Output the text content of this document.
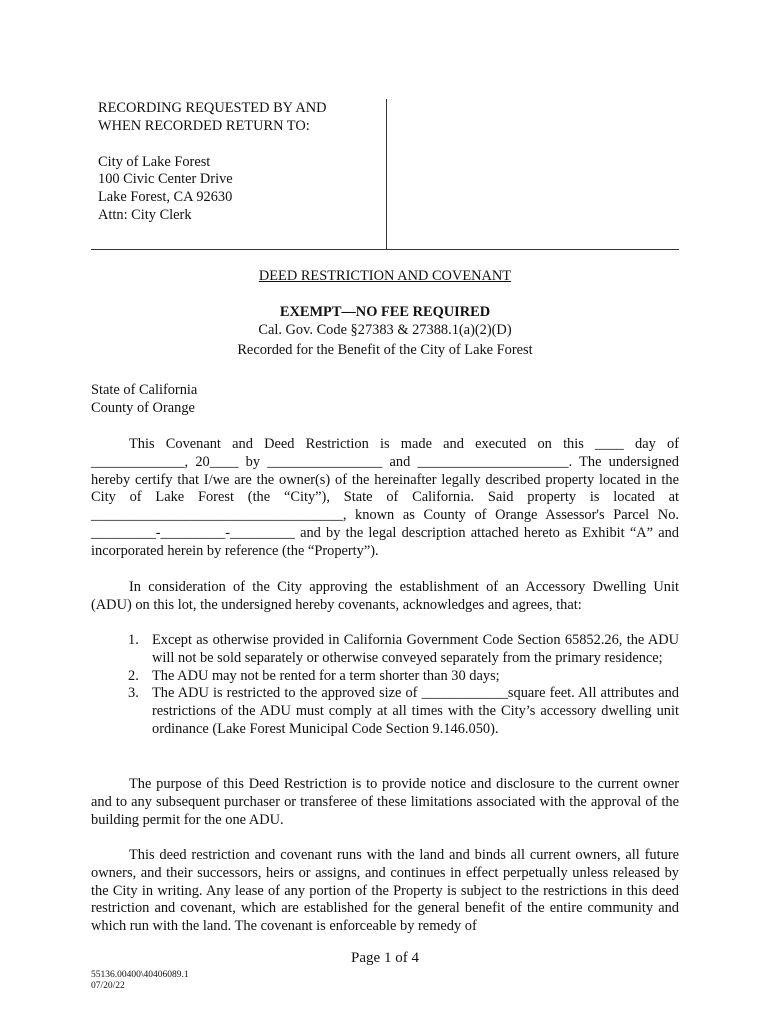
RECORDING REQUESTED BY AND

WHEN RECORDED RETURN TO:

City of Lake Forest

100 Civic Center Drive

Lake Forest, CA 92630

Attn: City Clerk

DEED RESTRICTION AND COVENANT
EXEMPT—NO FEE REQUIRED
Cal. Gov. Code §27383 & 27388.1(a)(2)(D)
Recorded for the Benefit of the City of Lake Forest

State of California

County of Orange

This Covenant and Deed Restriction is made and executed on this ____ day of _____________, 20____ by ________________ and _____________________. The undersigned hereby certify that I/we are the owner(s) of the hereinafter legally described property located in the City of Lake Forest (the “City”), State of California. Said property is located at ___________________________________, known as County of Orange Assessor's Parcel No. _________-_________-_________ and by the legal description attached hereto as Exhibit “A” and incorporated herein by reference (the “Property”).

In consideration of the City approving the establishment of an Accessory Dwelling Unit (ADU) on this lot, the undersigned hereby covenants, acknowledges and agrees, that:

1. Except as otherwise provided in California Government Code Section 65852.26, the ADU will not be sold separately or otherwise conveyed separately from the primary residence;
2. The ADU may not be rented for a term shorter than 30 days;
3. The ADU is restricted to the approved size of ____________square feet. All attributes and restrictions of the ADU must comply at all times with the City’s accessory dwelling unit ordinance (Lake Forest Municipal Code Section 9.146.050).

The purpose of this Deed Restriction is to provide notice and disclosure to the current owner and to any subsequent purchaser or transferee of these limitations associated with the approval of the building permit for the one ADU.

This deed restriction and covenant runs with the land and binds all current owners, all future owners, and their successors, heirs or assigns, and continues in effect perpetually unless released by the City in writing. Any lease of any portion of the Property is subject to the restrictions in this deed restriction and covenant, which are established for the general benefit of the entire community and which run with the land. The covenant is enforceable by remedy of

Page 1 of 4
55136.00400\40406089.1
07/20/22
